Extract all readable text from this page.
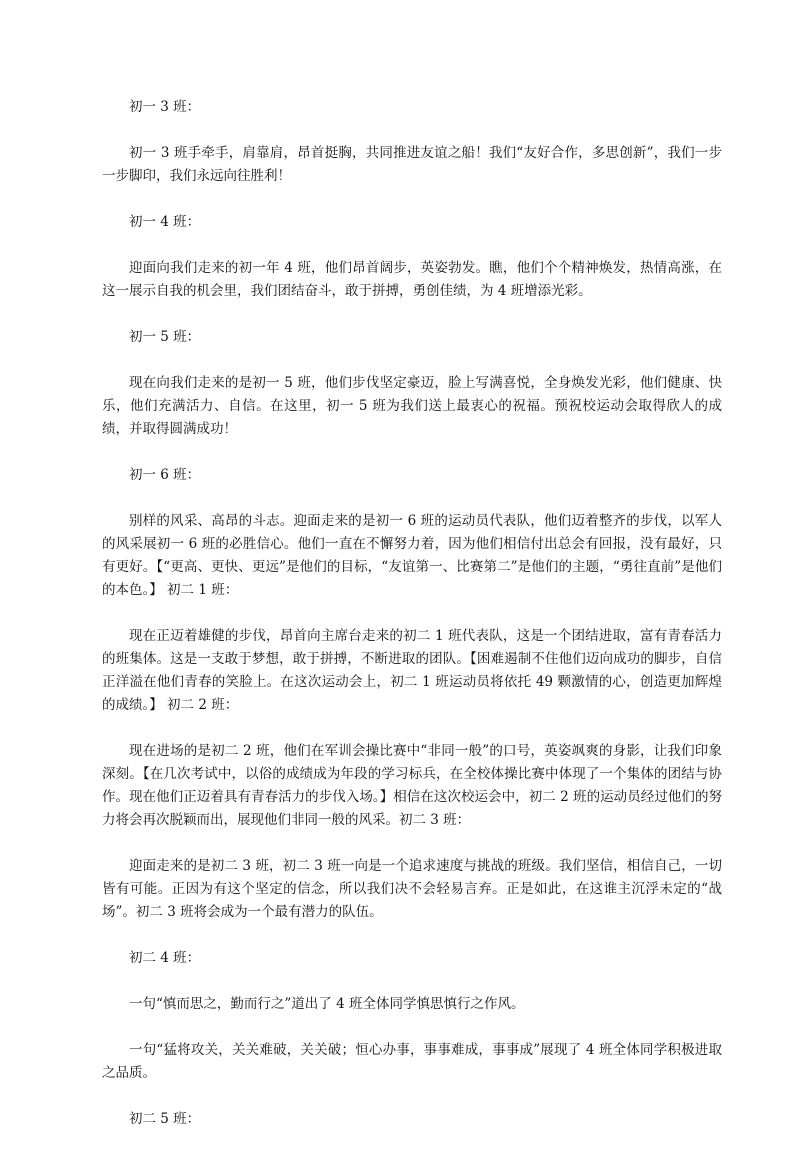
初一 3 班：

初一 3 班手牵手，肩靠肩，昂首挺胸，共同推进友谊之船！我们“友好合作，多思创新”，我们一步一步脚印，我们永远向往胜利！

初一 4 班：

迎面向我们走来的初一年 4 班，他们昂首阔步，英姿勃发。瞧，他们个个精神焕发，热情高涨，在这一展示自我的机会里，我们团结奋斗，敢于拼搏，勇创佳绩，为 4 班增添光彩。

初一 5 班：

现在向我们走来的是初一 5 班，他们步伐坚定豪迈，脸上写满喜悦，全身焕发光彩，他们健康、快乐，他们充满活力、自信。在这里，初一 5 班为我们送上最衷心的祝福。预祝校运动会取得欣人的成绩，并取得圆满成功！

初一 6 班：

别样的风采、高昂的斗志。迎面走来的是初一 6 班的运动员代表队，他们迈着整齐的步伐，以军人的风采展初一 6 班的必胜信心。他们一直在不懈努力着，因为他们相信付出总会有回报，没有最好，只有更好。【“更高、更快、更远”是他们的目标，“友谊第一、比赛第二”是他们的主题，“勇往直前”是他们的本色。】 初二 1 班：

现在正迈着雄健的步伐，昂首向主席台走来的初二 1 班代表队，这是一个团结进取，富有青春活力的班集体。这是一支敢于梦想，敢于拼搏，不断进取的团队。【困难遏制不住他们迈向成功的脚步，自信正洋溢在他们青春的笑脸上。在这次运动会上，初二 1 班运动员将依托 49 颗激情的心，创造更加辉煌的成绩。】 初二 2 班：

现在进场的是初二 2 班，他们在军训会操比赛中“非同一般”的口号，英姿飒爽的身影，让我们印象深刻。【在几次考试中，以俗的成绩成为年段的学习标兵，在全校体操比赛中体现了一个集体的团结与协作。现在他们正迈着具有青春活力的步伐入场。】相信在这次校运会中，初二 2 班的运动员经过他们的努力将会再次脱颖而出，展现他们非同一般的风采。初二 3 班：

迎面走来的是初二 3 班，初二 3 班一向是一个追求速度与挑战的班级。我们坚信，相信自己，一切皆有可能。正因为有这个坚定的信念，所以我们决不会轻易言弃。正是如此，在这谁主沉浮未定的“战场”。初二 3 班将会成为一个最有潜力的队伍。

初二 4 班：

一句“慎而思之，勤而行之”道出了 4 班全体同学慎思慎行之作风。

一句“猛将攻关，关关难破，关关破；恒心办事，事事难成，事事成”展现了 4 班全体同学积极进取之品质。

初二 5 班：
